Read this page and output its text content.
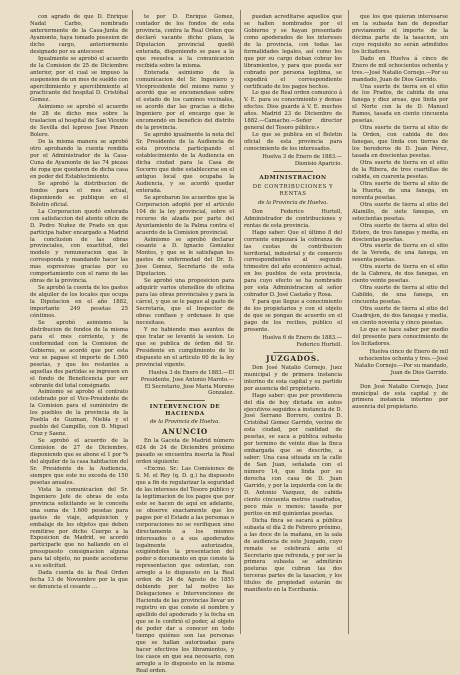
con agrado de que D. Enrique Nadal Carbo, nombrado anteriormente de la Casa-Junta de Ayamonte, haya tomado posesion de dicho cargo, anteriormente designado por su antecesor.

Igualmente se aprobó el acuerdo de la Comision de 25 de Diciembre anterior, por el cual se impuso la suspension de un mes de sueldo con apercibimiento y apercibimiento al practicante del hospital D. Cristóbal Gomez.

Asimismo se aprobó el acuerdo de 28 de dicho mes sobre la traslacion al hospital de San Vicente de Sevilla del leproso Jose Pinzon Bolero.

De la misma manera se aprobó otro aprobando la cuenta rendida por el Administrador de la Casa-Cuna de Ayamonte de las 74 piezas de ropa que quedaron de dicha casa en poder del Establecimiento.

Se aprobó la distribucion de fondos para el mes actual, disponiendo se publique en el Boletin oficial.

La Corporacion quedó enterada con satisfaccion del atento oficio de D. Pedro Nuñez de Prado en que participa haber encargado a Madrid la conclusion de las obras provinciales, con exactitud, del modelo y remuneracion que le corresponda y mandando hacer las mas espresivas gracias por su comportamiento con el ramo de las obras de la provincia.

Se aprobó la cuenta de los gastos de alquiler de los locales que ocupa la Diputacion en el año 1882, importante 249 pesetas 25 céntimos.

Se aprobó asimismo la distribucion de fondos de la misma para el mes corriente, y de conformidad con la Comision de Gobierno, se acordó que por esta vez se pagase el importe de 1.560 pesetas, y que los restantes a aquellas dos partidas se ingresen en el fondo de Beneficencia por ser sobrante del total consignado.

Asimismo se aprobó el contrato celebrado por el Vice-Presidente de la Comision para el suministro de los pueblos de la provincia de la Puebla de Guzman, Niebla y el pueblo del Campillo, con D. Miguel Cruz y Saenz.

Se aprobó el acuerdo de la Comision de 27 de Diciembre, disponiendo que se abone el 1 por % del alquiler de la casa habitacion del Sr. Presidente de la Audiencia, siempre que este no exceda de 150 pesetas anuales.

Vista la comunicacion del Sr. Ingeniero Jefe de obras de esta provincia solicitando se le conceda una suma de 1.600 pesetas para gastos de viaje, adquisicion y embalaje de los objetos que deben remitirse por dicho Cuerpo a la Exposicion de Madrid, se acordó participarle que no hallando en el presupuesto consignacion alguna para tal objeto, no puede accederse a su solicitud.

Dada cuenta de la Real Orden fecha 13 de Noviembre por la que se denuncia el cesante ...

te por D. Enrique Gomez, contador de los fondos de esta provincia, contra la Real Orden que declaró vacante dicho plaza, la Diputacion provincial quedó enterada, disponiendo se pase a la que resuelva a la comunicacion recibida sobre la misma.

Enterada asimismo de la comunicacion del Sr. Ingeniero y Vicepresidente del mismo ramo y acordó que se encomendase sobre el estado de los caminos vecinales, se acordó dar las gracias a dicho Ingeniero por el encargo que le encomendó en beneficio del distrito de la provincia.

Se aprobó igualmente la nota del Sr. Presidente de la Audiencia de esta provincia participando el establecimiento de la Audiencia en dicha ciudad para la Casa de Socorro que debe establecerse en el antiguo local que ocupaba la Audiencia, y se acordó quedar enterada.

Se aprobaron los acuerdos que la Corporacion adoptó por el articulo 104 de la ley provincial, sobre el recurso de alzada por parte del Ayuntamiento de la Palma contra el acuerdo de la Comision provincial.

Asimismo se aprobó declarar cesante a D. Ignacio Gonzalez Montes, y que se le satisfagan los gastos de enfermedad del Dr. D. Jose Gomez, Secretario de esta Diputacion.

Se aprobó una proposicion para adquirir varios utensilios de oficina para las obras provinciales y para la cárcel, y que se le pague al gasto de Secretaría, que el Inspector de obras confiase y ordenase lo que necesitase.

Y no habiendo mas asuntos de que tratar se levantó la sesion. Lo que se publica de órden del Sr. Presidente en cumplimiento de lo dispuesto en el articulo 60 de la ley provincial vigente.

Huelva 3 de Enero de 1883.—El Presidente, Jose Antonio Maroto.—El Secretario, Jose Maria Moreno Gonzalez.

INTERVENCION DE HACIENDA

de la Provincia de Huelva.

ANUNCIO

En la Gaceta de Madrid número 624 de 24 de Diciembre próximo pasado se encuentra inserta la Real orden siguiente:

«Excmo. Sr.: Las Comisiones de S. M. el Rey (q. D. g.) ha dispuesto que a fin de regularizar la seguridad de las intereses del Tesoro público y la legitimacion de los pagos que por este se hacen de aquí en adelante, se observe exactamente que los pagos por el Estado a las personas o corporaciones no se verifiquen sino directamente a los mismos interesados o a sus apoderados legalmente autorizados, exigiéndoles la presentacion del poder o documento en que conste la representacion que ostentan, con arreglo a lo dispuesto en la Real orden de 24 de Agosto de 1855 debiendo por tal motivo las Delegaciones e Intervenciones de Hacienda de las provincias llevar un registro en que conste el nombre y apellido del apoderado y la fecha en que se le confirió el poder, al objeto de poder dar a conocer en todo tiempo quiénes son las personas que se hallan autorizadas para hacer efectivos los libramientos, y los casos en que sea necesario, con arreglo a lo dispuesto en la misma Real orden.

puedan acreditarse aquellos que se hallen nombrados por el Gobierno y se hayan presentado como apoderados de los intereses de la provincia, con todas las formalidades legales, así como los que por su cargo deban cobrar los libramientos, y para que pueda ser cobrado por persona legítima, se expedirá el correspondiente certificado de los pagos hechos.

Lo que de Real orden comunico á V. E. para su conocimiento y demas efectos. Dios guarde á V. E. muchos años. Madrid 23 de Diciembre de 1882.—Camacho.—Señor director general del Tesoro público.»

Lo que se publica en el Boletin oficial de esta provincia para conocimiento de los interesados.

Huelva 3 de Enero de 1883.—Dionisio Aparicio.

ADMINISTRACION

DE CONTRIBUCIONES Y RENTAS

de la Provincia de Huelva.

Don Federico Hurtell, Administrador de contribuciones y rentas de esta provincia.

Hago saber: Que el último 8 del corriente empezará la cobranza de las cuotas de contribucion territorial, industrial y de comercio correspondientes al segundo trimestre del año económico actual, en los pueblos de esta provincia, para cuyo efecto se ha nombrado por esta Administracion al señor cobrador D. José Castaño y Rosa.

Y para que llegue a conocimiento de los propietarios y con el objeto de que se pongan de acuerdo en el pago de los recibos, publico el presente.

Huelva 6 de Enero de 1883.—Federico Hurtell.

JUZGADOS.

Don José Natalio Cornejo, Juez municipal y de primera instancia interino de esta capital y su partido por ausencia del propietario.

Hago saber: que por providencia del día de hoy dictada en autos ejecutivos seguidos a instancia de D. José Serrano Borrero, contra D. Cristóbal Gomez Garrido, vecino de esta ciudad, por cantidad de pesetas, se saca a pública subasta por termino de veinte dias la finca embargada que se describe, a saber: Una casa situada en la calle de San Juan, señalada con el número 14, que linda por su derecha con casa de D. Juan Garrido, y por la izquierda con la de D. Antonio Vazquez, de cabida ciento cincuenta metros cuadrados, poco más o menos; tasada por peritos en mil quinientas pesetas.

Dicha finca se sacará a pública subasta el día 2 de Febrero próximo, a las doce de la mañana, en la sala de audiencia de este Juzgado, cuyo remate se celebrará ante el Secretario que refrenda, y por ser la primera subasta se admitirán posturas que cubran las dos terceras partes de la tasacion, y los titulos de propiedad estarán de manifiesto en la Escribanía.

que los que quieran interesarse en la subasta han de depositar previamente el importe de la décima parte de la tasacion, sin cuyo requisito no serán admitidos los licitadores.

Dado en Huelva á cinco de Enero de mil ochocientos ochenta y tres.—José Natalio Cornejo.—Por su mandado, Juan de Dios Garrido.

Una suerte de tierra en el sitio de los Prados, de cabida de una fanega y diez areas, que linda por el Norte con la de D. Manuel Ramos, tasada en ciento cincuenta pesetas.

Otra suerte de tierra al sitio de la Orden, con cabida de dos fanegas, que linda con tierras de los herederos de D. Juan Pérez, tasada en doscientas pesetas.

Otra suerte de tierra en el sitio de la Ribera, de tres cuartillas de cabida, en cuarenta pesetas.

Otra suerte de tierra al sitio de la Huerta, de una fanega, en noventa pesetas.

Otra suerte de tierra al sitio del Alamillo, de siete fanegas, en setecientas pesetas.

Otra suerte de tierra al sitio del Estero, de tres fanegas y media, en doscientas pesetas.

Otra suerte de tierra en el sitio de la Vereda, de una fanega, en sesenta pesetas.

Otra suerte de tierra en el sitio de la Cabrera, de dos fanegas, en ciento veinte pesetas.

Otra suerte de tierra al sitio del Cabildo, de una fanega, en cincuenta pesetas.

Otra suerte de tierra al sitio del Cuadrejon, de dos fanegas y media, en ciento noventa y cinco pesetas.

Lo que se hace saber por medio del presente para conocimiento de los licitadores.

Huelva cinco de Enero de mil ochocientos ochenta y tres.—José Natalio Cornejo.—Por su mandado, Juan de Dios Garrido.

Don José Natalio Cornejo, Juez municipal de esta capital y de primera instancia interino por ausencia del propietario.
